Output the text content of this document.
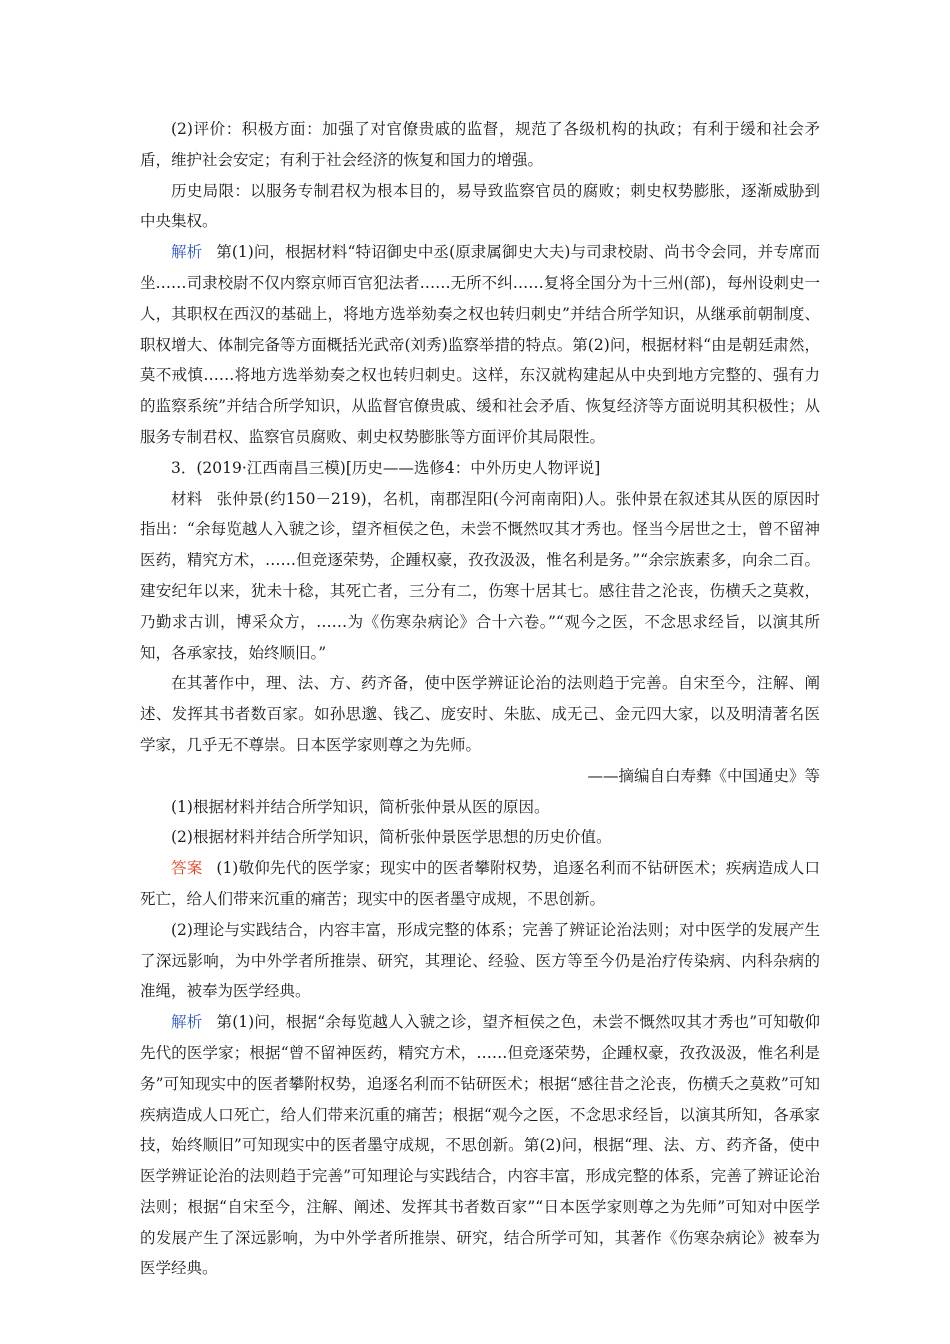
(2)评价：积极方面：加强了对官僚贵戚的监督，规范了各级机构的执政；有利于缓和社会矛盾，维护社会安定；有利于社会经济的恢复和国力的增强。

历史局限：以服务专制君权为根本目的，易导致监察官员的腐败；刺史权势膨胀，逐渐威胁到中央集权。

解析 第(1)问，根据材料“特诏御史中丞(原隶属御史大夫)与司隶校尉、尚书令会同，并专席而坐……司隶校尉不仅内察京师百官犯法者……无所不纠……复将全国分为十三州(部)，每州设刺史一人，其职权在西汉的基础上，将地方选举劾奏之权也转归刺史”并结合所学知识，从继承前朝制度、职权增大、体制完备等方面概括光武帝(刘秀)监察举措的特点。第(2)问，根据材料“由是朝廷肃然，莫不戒慎……将地方选举劾奏之权也转归刺史。这样，东汉就构建起从中央到地方完整的、强有力的监察系统”并结合所学知识，从监督官僚贵戚、缓和社会矛盾、恢复经济等方面说明其积极性；从服务专制君权、监察官员腐败、刺史权势膨胀等方面评价其局限性。

3．(2019·江西南昌三模)[历史——选修4：中外历史人物评说]

材料 张仲景(约150－219)，名机，南郡涅阳(今河南南阳)人。张仲景在叙述其从医的原因时指出：“余每览越人入虢之诊，望齐桓侯之色，未尝不慨然叹其才秀也。怪当今居世之士，曾不留神医药，精究方术，……但竞逐荣势，企踵权豪，孜孜汲汲，惟名利是务。”“余宗族素多，向余二百。建安纪年以来，犹未十稔，其死亡者，三分有二，伤寒十居其七。感往昔之沦丧，伤横夭之莫救，乃勤求古训，博采众方，……为《伤寒杂病论》合十六卷。”“观今之医，不念思求经旨，以演其所知，各承家技，始终顺旧。”

在其著作中，理、法、方、药齐备，使中医学辨证论治的法则趋于完善。自宋至今，注解、阐述、发挥其书者数百家。如孙思邈、钱乙、庞安时、朱肱、成无己、金元四大家，以及明清著名医学家，几乎无不尊崇。日本医学家则尊之为先师。

——摘编自白寿彝《中国通史》等

(1)根据材料并结合所学知识，简析张仲景从医的原因。

(2)根据材料并结合所学知识，简析张仲景医学思想的历史价值。

答案 (1)敬仰先代的医学家；现实中的医者攀附权势，追逐名利而不钻研医术；疾病造成人口死亡，给人们带来沉重的痛苦；现实中的医者墨守成规，不思创新。

(2)理论与实践结合，内容丰富，形成完整的体系；完善了辨证论治法则；对中医学的发展产生了深远影响，为中外学者所推崇、研究，其理论、经验、医方等至今仍是治疗传染病、内科杂病的准绳，被奉为医学经典。

解析 第(1)问，根据“余每览越人入虢之诊，望齐桓侯之色，未尝不慨然叹其才秀也”可知敬仰先代的医学家；根据“曾不留神医药，精究方术，……但竞逐荣势，企踵权豪，孜孜汲汲，惟名利是务”可知现实中的医者攀附权势，追逐名利而不钻研医术；根据“感往昔之沦丧，伤横夭之莫救”可知疾病造成人口死亡，给人们带来沉重的痛苦；根据“观今之医，不念思求经旨，以演其所知，各承家技，始终顺旧”可知现实中的医者墨守成规，不思创新。第(2)问，根据“理、法、方、药齐备，使中医学辨证论治的法则趋于完善”可知理论与实践结合，内容丰富，形成完整的体系，完善了辨证论治法则；根据“自宋至今，注解、阐述、发挥其书者数百家”“日本医学家则尊之为先师”可知对中医学的发展产生了深远影响，为中外学者所推崇、研究，结合所学可知，其著作《伤寒杂病论》被奉为医学经典。
